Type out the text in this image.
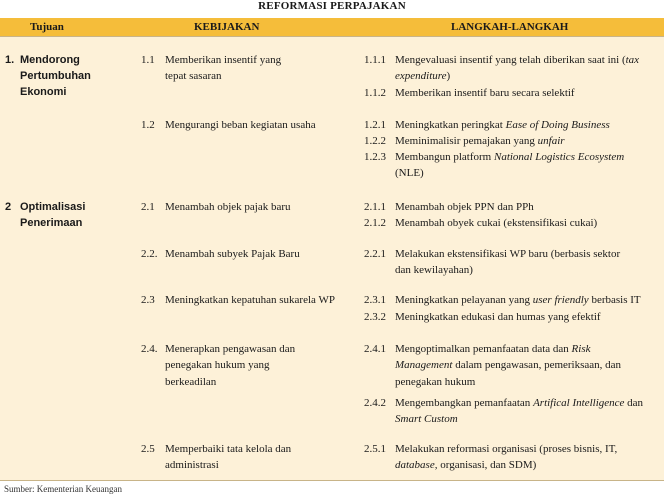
REFORMASI PERPAJAKAN
Tujuan	KEBIJAKAN	LANGKAH-LANGKAH
1. Mendorong
Pertumbuhan
Ekonomi
2 Optimalisasi
Penerimaan
1.1 Memberikan insentif yang
tepat sasaran
1.2 Mengurangi beban kegiatan usaha
2.1 Menambah objek pajak baru
2.2. Menambah subyek Pajak Baru
2.3 Meningkatkan kepatuhan sukarela WP
2.4. Menerapkan pengawasan dan
penegakan hukum yang
berkeadilan
2.5 Memperbaiki tata kelola dan
administrasi
1.1.1 Mengevaluasi insentif yang telah diberikan saat ini (tax
expenditure)
1.1.2 Memberikan insentif baru secara selektif
1.2.1 Meningkatkan peringkat Ease of Doing Business
1.2.2 Meminimalisir pemajakan yang unfair
1.2.3 Membangun platform National Logistics Ecosystem
(NLE)
2.1.1 Menambah objek PPN dan PPh
2.1.2 Menambah obyek cukai (ekstensifikasi cukai)
2.2.1 Melakukan ekstensifikasi WP baru (berbasis sektor
dan kewilayahan)
2.3.1 Meningkatkan pelayanan yang user friendly berbasis IT
2.3.2 Meningkatkan edukasi dan humas yang efektif
2.4.1 Mengoptimalkan pemanfaatan data dan Risk
Management dalam pengawasan, pemeriksaan, dan
penegakan hukum
2.4.2 Mengembangkan pemanfaatan Artifical Intelligence dan
Smart Custom
2.5.1 Melakukan reformasi organisasi (proses bisnis, IT,
database, organisasi, dan SDM)
Sumber: Kementerian Keuangan
